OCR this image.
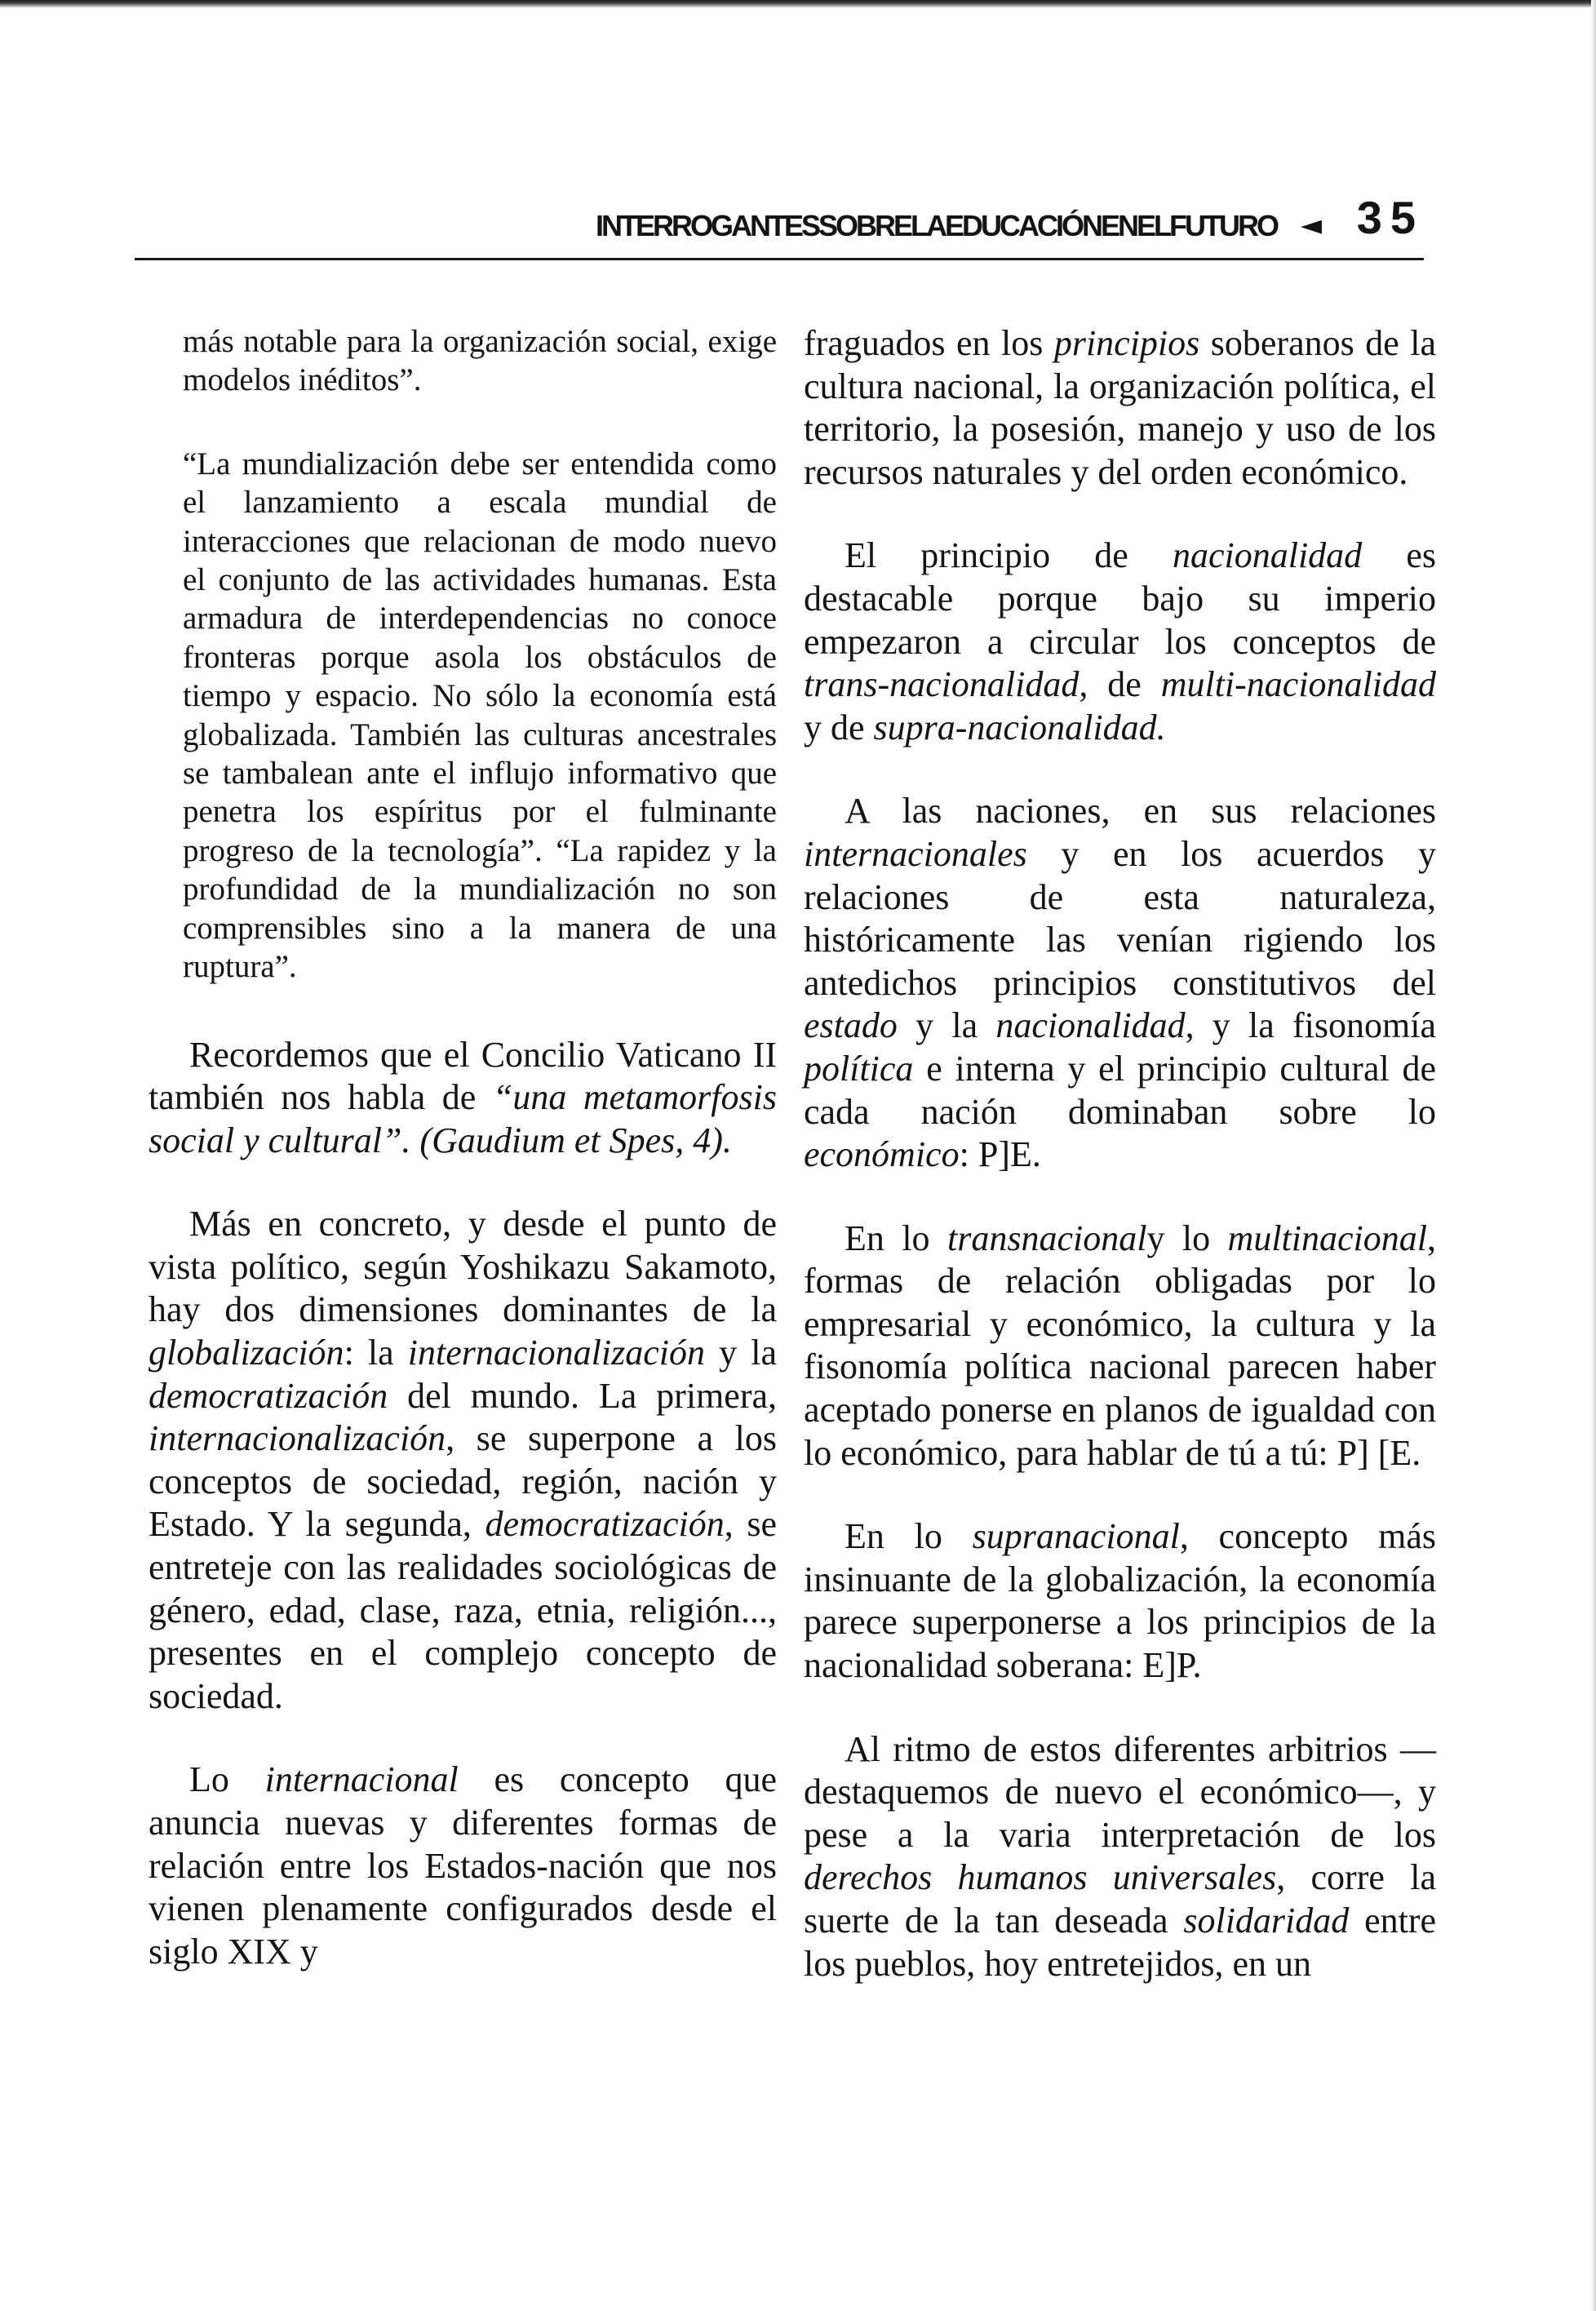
INTERROGANTESSOBRELAEDUCACIÓNENELFUTURO ◄ 35

más notable para la organización social, exige modelos inéditos”.

“La mundialización debe ser entendida como el lanzamiento a escala mundial de interacciones que relacionan de modo nuevo el conjunto de las actividades humanas. Esta armadura de interdependencias no conoce fronteras porque asola los obstáculos de tiempo y espacio. No sólo la economía está globalizada. También las culturas ancestrales se tambalean ante el influjo informativo que penetra los espíritus por el fulminante progreso de la tecnología”. “La rapidez y la profundidad de la mundialización no son comprensibles sino a la manera de una ruptura”.

Recordemos que el Concilio Vaticano II también nos habla de “una metamorfosis social y cultural”. (Gaudium et Spes, 4).

Más en concreto, y desde el punto de vista político, según Yoshikazu Sakamoto, hay dos dimensiones dominantes de la globalización: la internacionalización y la democratización del mundo. La primera, internacionalización, se superpone a los conceptos de sociedad, región, nación y Estado. Y la segunda, democratización, se entreteje con las realidades sociológicas de género, edad, clase, raza, etnia, religión..., presentes en el complejo concepto de sociedad.

Lo internacional es concepto que anuncia nuevas y diferentes formas de relación entre los Estados-nación que nos vienen plenamente configurados desde el siglo XIX y

fraguados en los principios soberanos de la cultura nacional, la organización política, el territorio, la posesión, manejo y uso de los recursos naturales y del orden económico.

El principio de nacionalidad es destacable porque bajo su imperio empezaron a circular los conceptos de trans-nacionalidad, de multi-nacionalidad y de supra-nacionalidad.

A las naciones, en sus relaciones internacionales y en los acuerdos y relaciones de esta naturaleza, históricamente las venían rigiendo los antedichos principios constitutivos del estado y la nacionalidad, y la fisonomía política e interna y el principio cultural de cada nación dominaban sobre lo económico: P]E.

En lo transnacionaly lo multinacional, formas de relación obligadas por lo empresarial y económico, la cultura y la fisonomía política nacional parecen haber aceptado ponerse en planos de igualdad con lo económico, para hablar de tú a tú: P] [E.

En lo supranacional, concepto más insinuante de la globalización, la economía parece superponerse a los principios de la nacionalidad soberana: E]P.

Al ritmo de estos diferentes arbitrios —destaquemos de nuevo el económico—, y pese a la varia interpretación de los derechos humanos universales, corre la suerte de la tan deseada solidaridad entre los pueblos, hoy entretejidos, en un
